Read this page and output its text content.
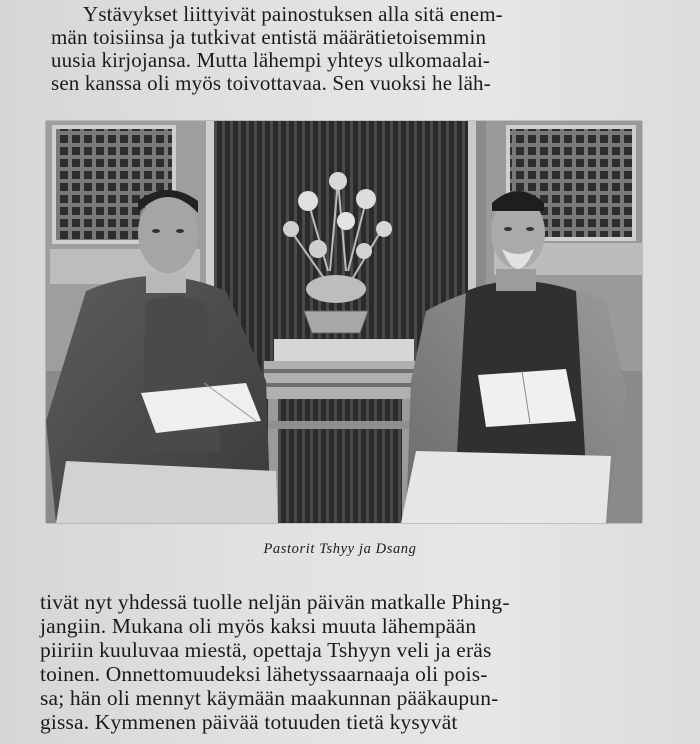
Ystävykset liittyivät painostuksen alla sitä enem-
män toisiinsa ja tutkivat entistä määrätietoisemmin
uusia kirjojansa. Mutta lähempi yhteys ulkomaalai-
sen kanssa oli myös toivottavaa. Sen vuoksi he läh-
Pastorit Tshyy ja Dsang
tivät nyt yhdessä tuolle neljän päivän matkalle Phing-
jangiin. Mukana oli myös kaksi muuta lähempään
piiriin kuuluvaa miestä, opettaja Tshyyn veli ja eräs
toinen. Onnettomuudeksi lähetyssaarnaaja oli pois-
sa; hän oli mennyt käymään maakunnan pääkaupun-
gissa. Kymmenen päivää totuuden tietä kysyvät
